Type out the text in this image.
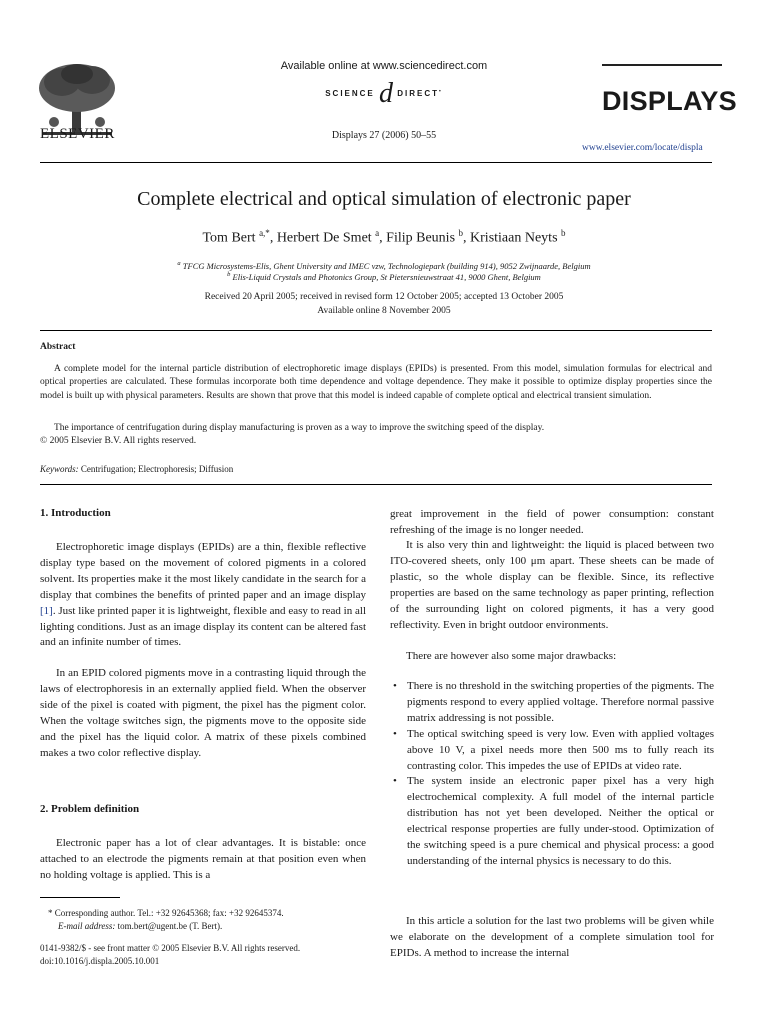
ELSEVIER
Available online at www.sciencedirect.com
SCIENCE d DIRECT•
Displays 27 (2006) 50–55
DISPLAYS
www.elsevier.com/locate/displa
Complete electrical and optical simulation of electronic paper
Tom Bert $^{a,*}$, Herbert De Smet $^a$, Filip Beunis $^b$, Kristiaan Neyts $^b$
$^a$ TFCG Microsystems-Elis, Ghent University and IMEC vzw, Technologiepark (building 914), 9052 Zwijnaarde, Belgium
$^b$ Elis-Liquid Crystals and Photonics Group, St Pietersnieuwstraat 41, 9000 Ghent, Belgium
Received 20 April 2005; received in revised form 12 October 2005; accepted 13 October 2005
Available online 8 November 2005
Abstract
A complete model for the internal particle distribution of electrophoretic image displays (EPIDs) is presented. From this model, simulation formulas for electrical and optical properties are calculated. These formulas incorporate both time dependence and voltage dependence. They make it possible to optimize display properties since the model is built up with physical parameters. Results are shown that prove that this model is indeed capable of complete optical and electrical transient simulation.
The importance of centrifugation during display manufacturing is proven as a way to improve the switching speed of the display.
© 2005 Elsevier B.V. All rights reserved.
Keywords: Centrifugation; Electrophoresis; Diffusion
1. Introduction

Electrophoretic image displays (EPIDs) are a thin, flexible reflective display type based on the movement of colored pigments in a colored solvent. Its properties make it the most likely candidate in the search for a display that combines the benefits of printed paper and an image display [1]. Just like printed paper it is lightweight, flexible and easy to read in all lighting conditions. Just as an image display its content can be altered fast and an infinite number of times.

In an EPID colored pigments move in a contrasting liquid through the laws of electrophoresis in an externally applied field. When the observer side of the pixel is coated with pigment, the pixel has the pigment color. When the voltage switches sign, the pigments move to the opposite side and the pixel has the liquid color. A matrix of these pixels combined makes a two color reflective display.

2. Problem definition

Electronic paper has a lot of clear advantages. It is bistable: once attached to an electrode the pigments remain at that position even when no holding voltage is applied. This is a

great improvement in the field of power consumption: constant refreshing of the image is no longer needed.

It is also very thin and lightweight: the liquid is placed between two ITO-covered sheets, only 100 μm apart. These sheets can be made of plastic, so the whole display can be flexible. Since, its reflective properties are based on the same technology as paper printing, reflection of the surrounding light on colored pigments, it has a very good reflectivity. Even in bright outdoor environments.

There are however also some major drawbacks:

• There is no threshold in the switching properties of the pigments. The pigments respond to every applied voltage. Therefore normal passive matrix addressing is not possible.
• The optical switching speed is very low. Even with applied voltages above 10 V, a pixel needs more then 500 ms to fully reach its contrasting color. This impedes the use of EPIDs at video rate.
• The system inside an electronic paper pixel has a very high electrochemical complexity. A full model of the internal particle distribution has not yet been developed. Neither the optical or electrical response properties are fully under-stood. Optimization of the switching speed is a pure chemical and physical process: a good understanding of the internal physics is necessary to do this.

In this article a solution for the last two problems will be given while we elaborate on the development of a complete simulation tool for EPIDs. A method to increase the internal

* Corresponding author. Tel.: +32 92645368; fax: +32 92645374.
E-mail address: tom.bert@ugent.be (T. Bert).
0141-9382/$ - see front matter © 2005 Elsevier B.V. All rights reserved.
doi:10.1016/j.displa.2005.10.001
